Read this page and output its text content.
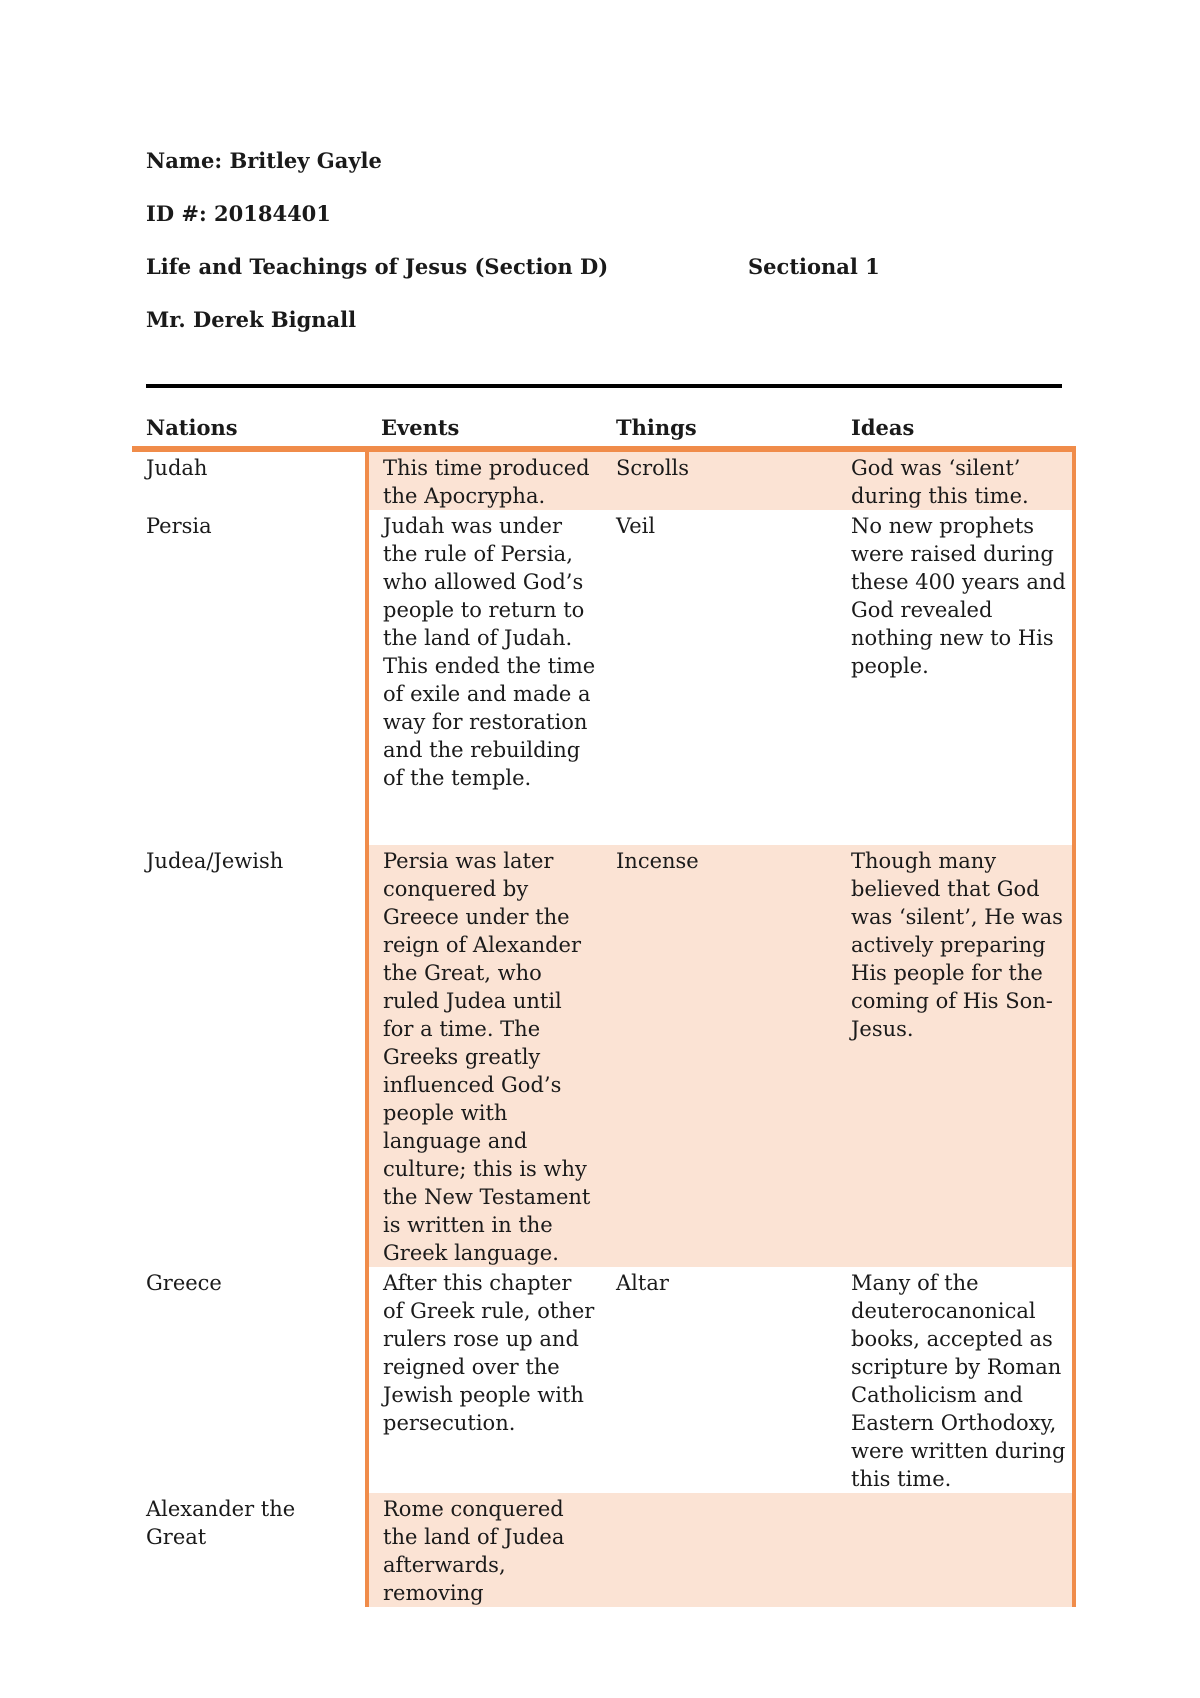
Name: Britley Gayle
ID #: 20184401
Life and Teachings of Jesus (Section D)	Sectional 1
Mr. Derek Bignall
Nations	Events	Things	Ideas
Judah	This time produced the Apocrypha.	Scrolls	God was ‘silent’ during this time.
Persia	Judah was under the rule of Persia, who allowed God’s people to return to the land of Judah. This ended the time of exile and made a way for restoration and the rebuilding of the temple.	Veil	No new prophets were raised during these 400 years and God revealed nothing new to His people.
Judea/Jewish	Persia was later conquered by Greece under the reign of Alexander the Great, who ruled Judea until for a time. The Greeks greatly influenced God’s people with language and culture; this is why the New Testament is written in the Greek language.	Incense	Though many believed that God was ‘silent’, He was actively preparing His people for the coming of His Son- Jesus.
Greece	After this chapter of Greek rule, other rulers rose up and reigned over the Jewish people with persecution.	Altar	Many of the deuterocanonical books, accepted as scripture by Roman Catholicism and Eastern Orthodoxy, were written during this time.
Alexander the Great	Rome conquered the land of Judea afterwards, removing		
